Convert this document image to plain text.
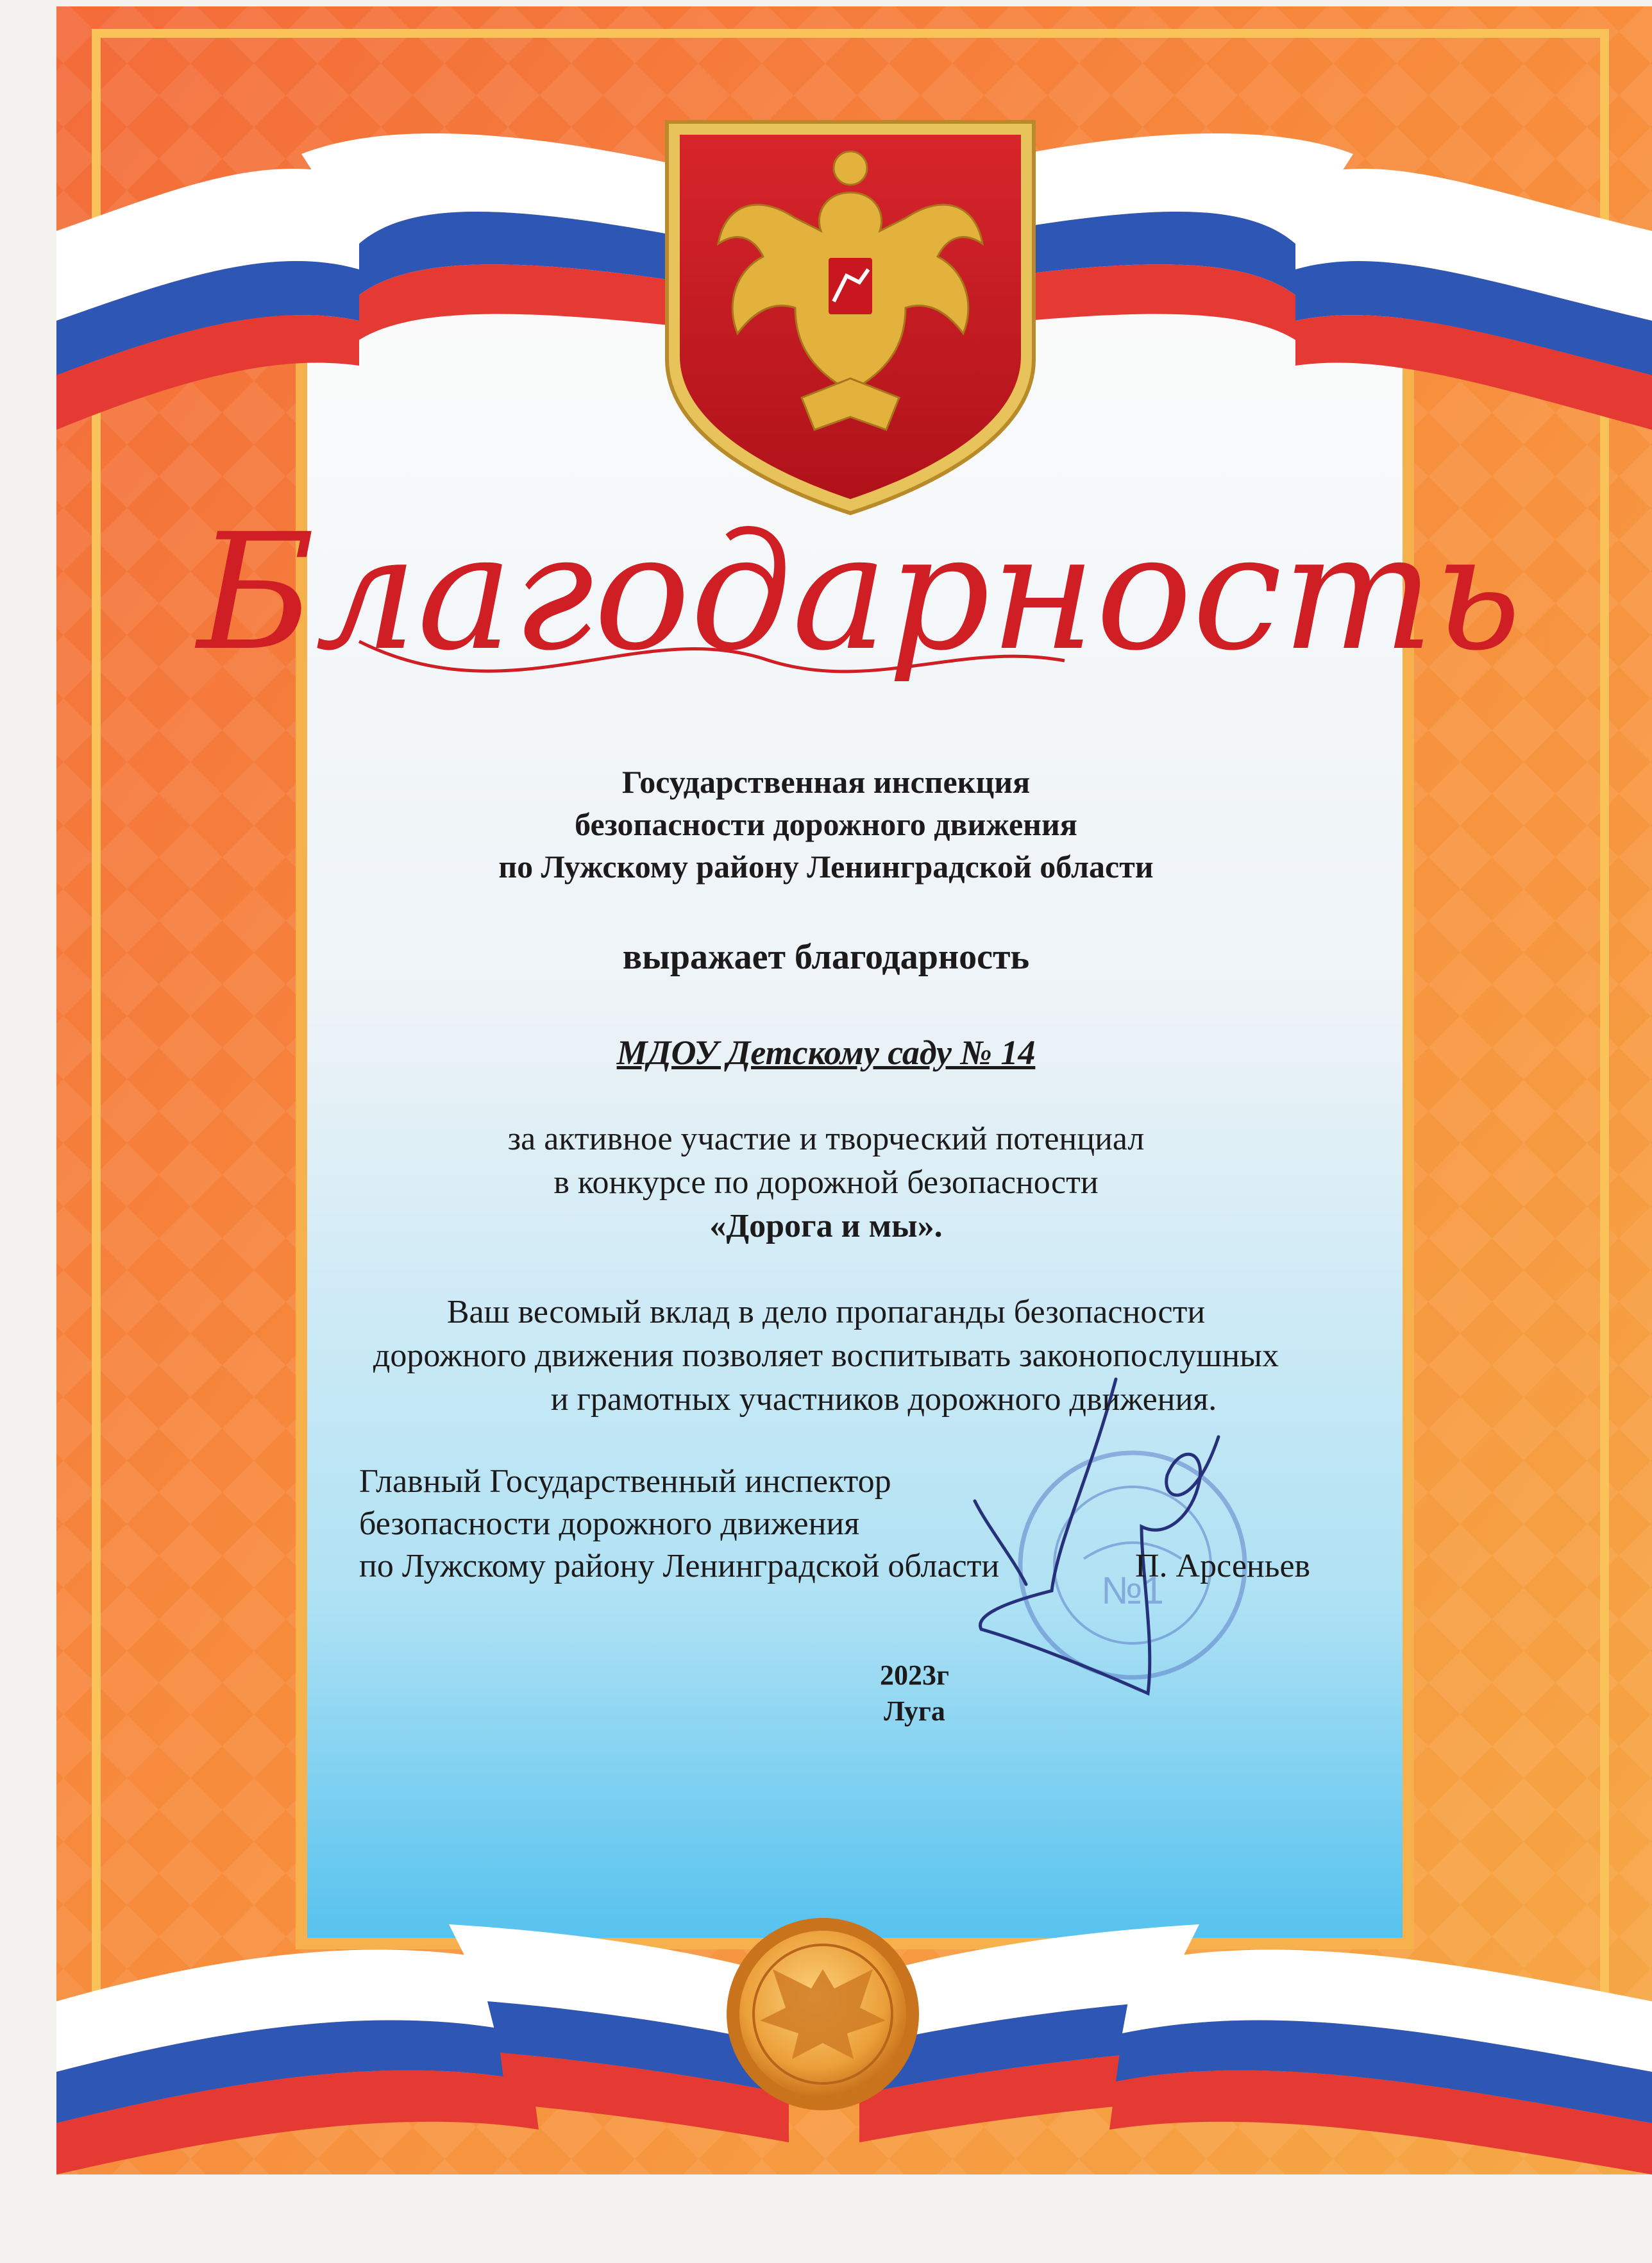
Благодарность
№1
Государственная инспекция
безопасности дорожного движения
по Лужскому району Ленинградской области
выражает благодарность
МДОУ Детскому саду № 14
за активное участие и творческий потенциал
в конкурсе по дорожной безопасности
«Дорога и мы».
Ваш весомый вклад в дело пропаганды безопасности
дорожного движения позволяет воспитывать законопослушных
и грамотных участников дорожного движения.
Главный Государственный инспектор
безопасности дорожного движения
по Лужскому району Ленинградской области	П. Арсеньев
2023г
Луга
